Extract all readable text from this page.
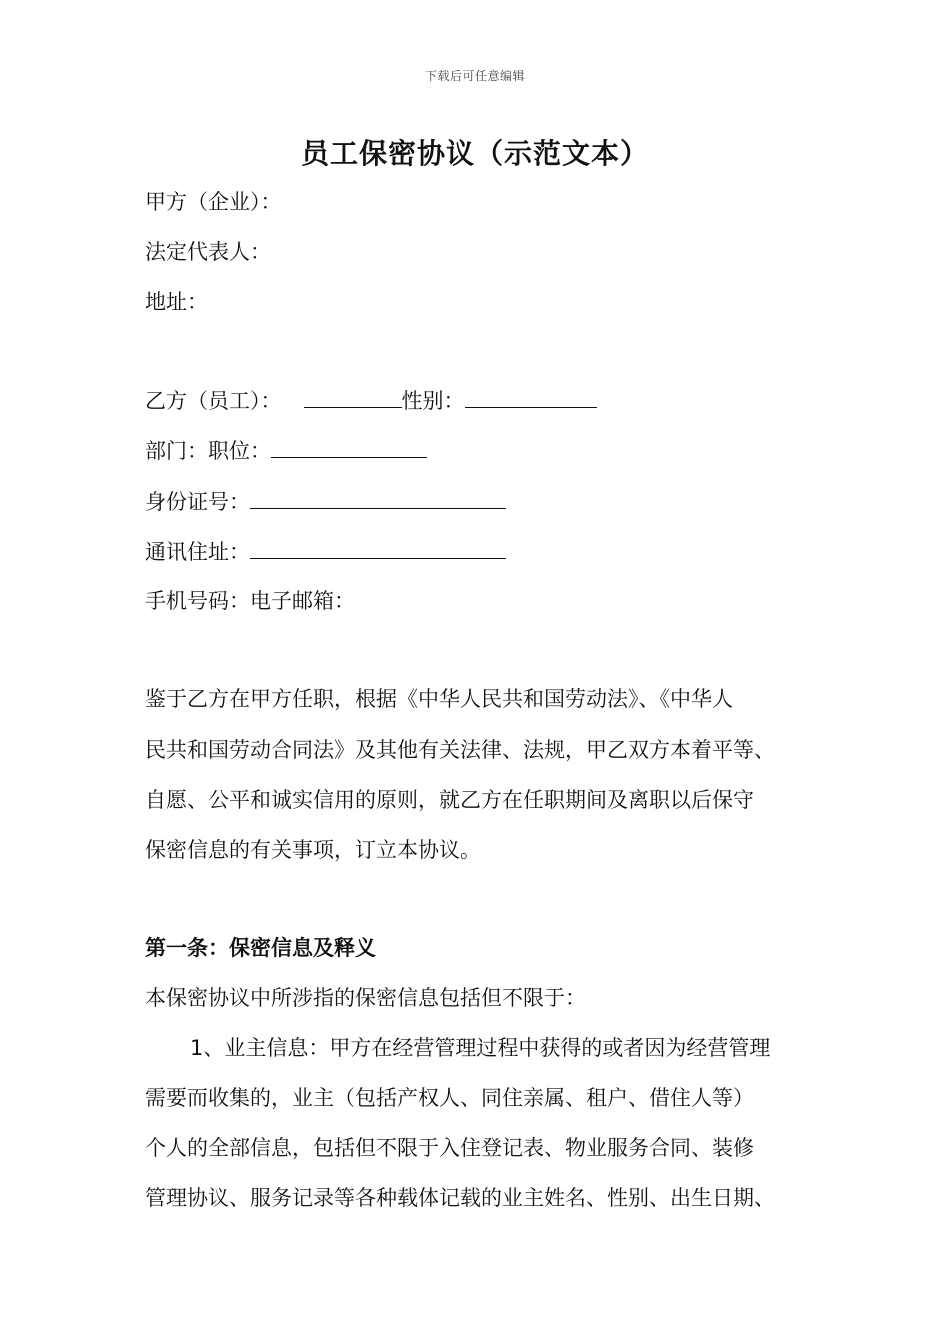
下载后可任意编辑
员工保密协议（示范文本）
甲方（企业）：
法定代表人：
地址：
乙方（员工）：	性别：
部门：职位：
身份证号：
通讯住址：
手机号码：电子邮箱：
鉴于乙方在甲方任职，根据《中华人民共和国劳动法》、《中华人
民共和国劳动合同法》及其他有关法律、法规，甲乙双方本着平等、
自愿、公平和诚实信用的原则，就乙方在任职期间及离职以后保守
保密信息的有关事项，订立本协议。
第一条：保密信息及释义
本保密协议中所涉指的保密信息包括但不限于：
1、业主信息：甲方在经营管理过程中获得的或者因为经营管理
需要而收集的，业主（包括产权人、同住亲属、租户、借住人等）
个人的全部信息，包括但不限于入住登记表、物业服务合同、装修
管理协议、服务记录等各种载体记载的业主姓名、性别、出生日期、
